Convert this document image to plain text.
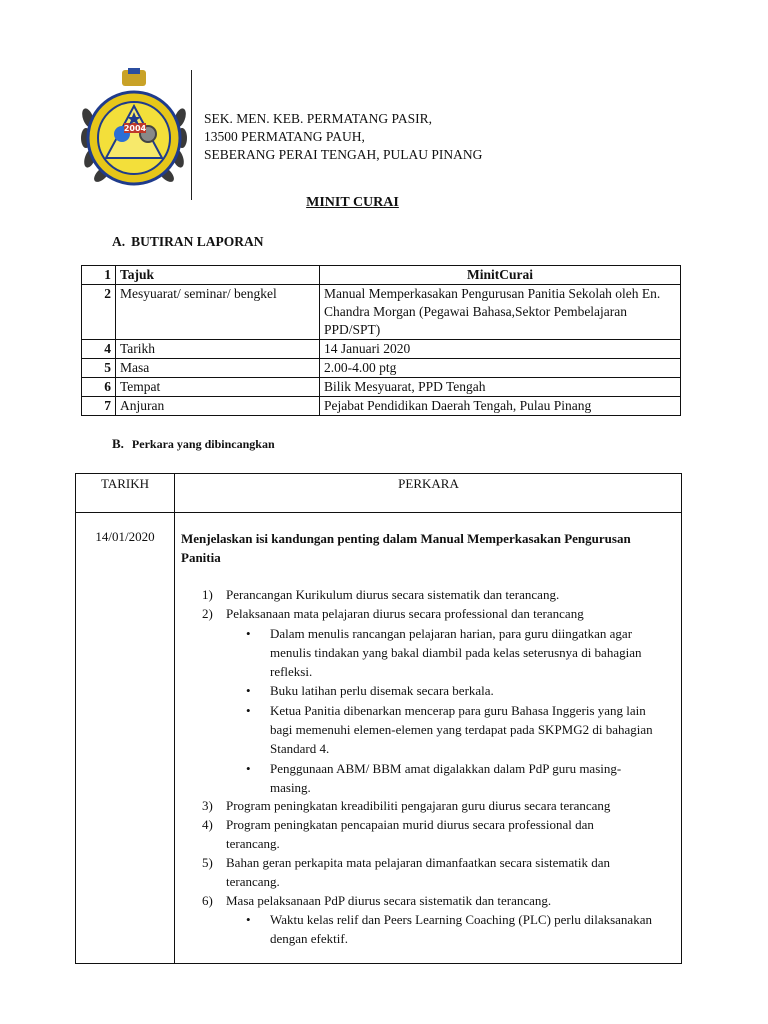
2004
SEK. MEN. KEB. PERMATANG PASIR,
13500 PERMATANG PAUH,
SEBERANG PERAI TENGAH, PULAU PINANG
MINIT CURAI
A. BUTIRAN LAPORAN
1	Tajuk	MinitCurai
2	Mesyuarat/ seminar/ bengkel	Manual Memperkasakan Pengurusan Panitia Sekolah oleh En. Chandra Morgan (Pegawai Bahasa,Sektor Pembelajaran PPD/SPT)
4	Tarikh	14 Januari 2020
5	Masa	2.00-4.00 ptg
6	Tempat	Bilik Mesyuarat, PPD Tengah
7	Anjuran	Pejabat Pendidikan Daerah Tengah, Pulau Pinang
B. Perkara yang dibincangkan
TARIKH	PERKARA
14/01/2020	Menjelaskan isi kandungan penting dalam Manual Memperkasakan Pengurusan Panitia
1) Perancangan Kurikulum diurus secara sistematik dan terancang.
2) Pelaksanaan mata pelajaran diurus secara professional dan terancang
• Dalam menulis rancangan pelajaran harian, para guru diingatkan agar menulis tindakan yang bakal diambil pada kelas seterusnya di bahagian refleksi.
• Buku latihan perlu disemak secara berkala.
• Ketua Panitia dibenarkan mencerap para guru Bahasa Inggeris yang lain bagi memenuhi elemen-elemen yang terdapat pada SKPMG2 di bahagian Standard 4.
• Penggunaan ABM/ BBM amat digalakkan dalam PdP guru masing-masing.
3) Program peningkatan kreadibiliti pengajaran guru diurus secara terancang
4) Program peningkatan pencapaian murid diurus secara professional dan terancang.
5) Bahan geran perkapita mata pelajaran dimanfaatkan secara sistematik dan terancang.
6) Masa pelaksanaan PdP diurus secara sistematik dan terancang.
• Waktu kelas relif dan Peers Learning Coaching (PLC) perlu dilaksanakan dengan efektif.
